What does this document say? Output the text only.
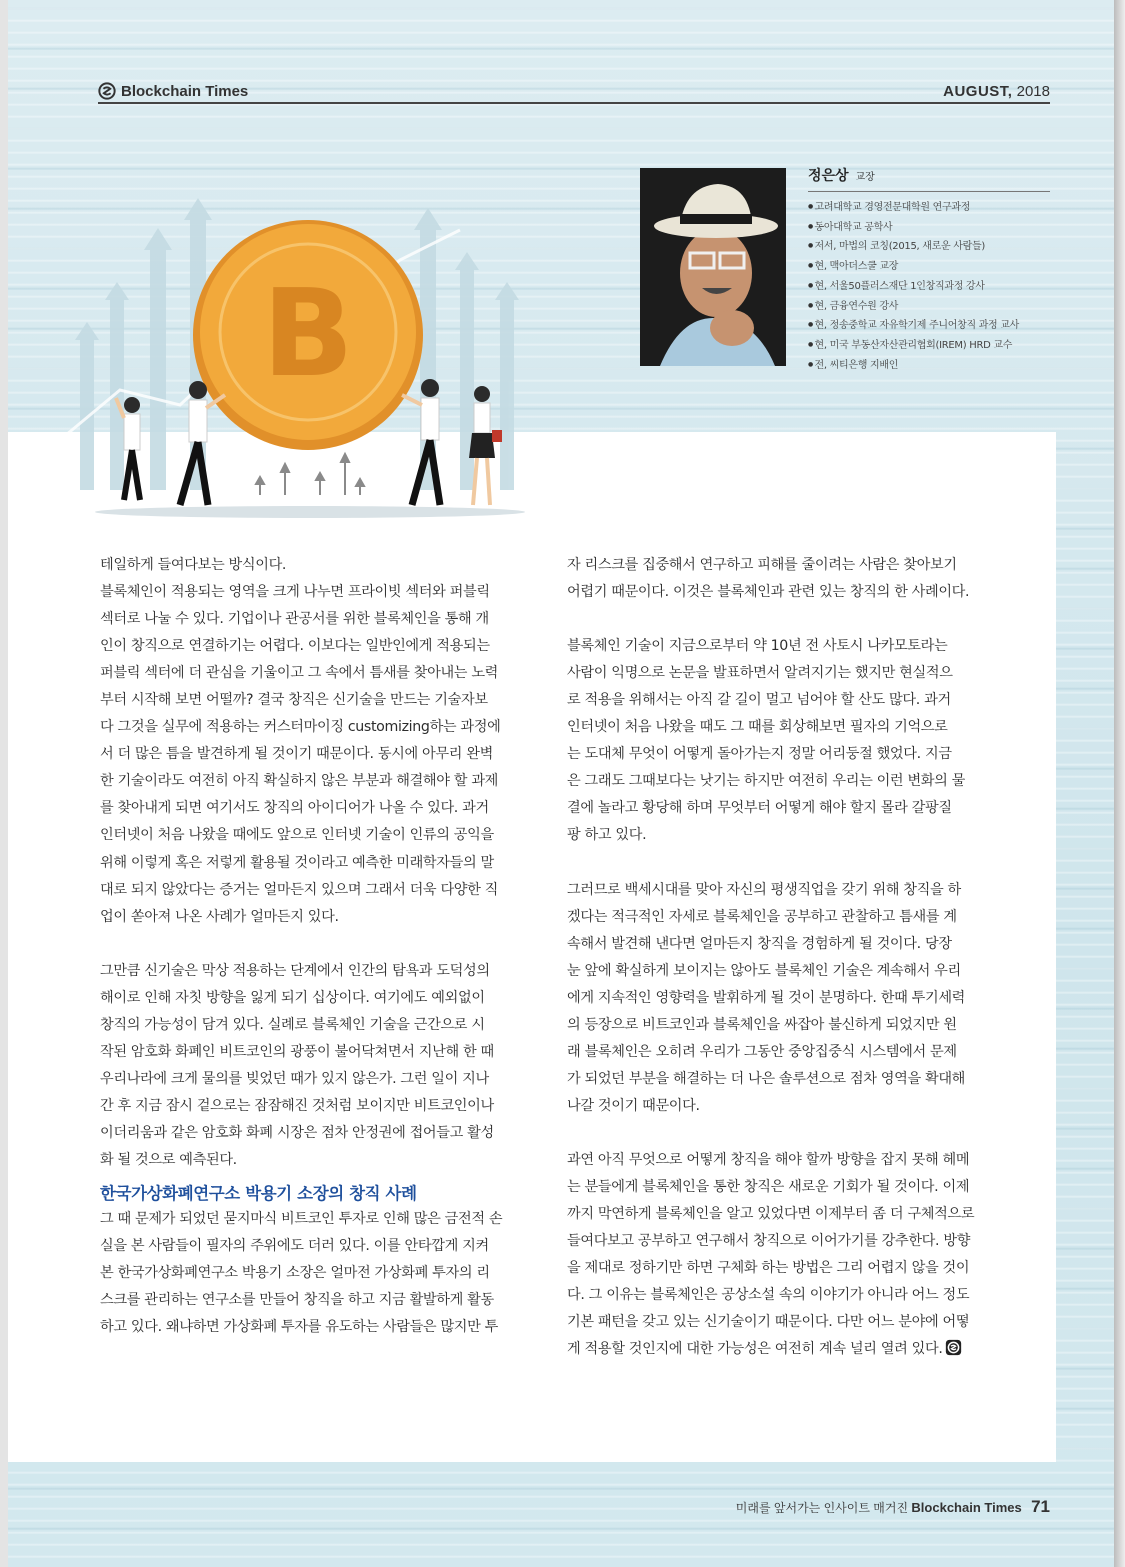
Blockchain Times	AUGUST, 2018
B
정은상 교장
● 고려대학교 경영전문대학원 연구과정
● 동아대학교 공학사
● 저서, 마법의 코칭(2015, 새로운 사람들)
● 현, 맥아더스쿨 교장
● 현, 서울50플러스재단 1인창직과정 강사
● 현, 금융연수원 강사
● 현, 정송중학교 자유학기제 주니어창직 과정 교사
● 현, 미국 부동산자산관리협회(IREM) HRD 교수
● 전, 씨티은행 지배인
테일하게 들여다보는 방식이다.
블록체인이 적용되는 영역을 크게 나누면 프라이빗 섹터와 퍼블릭
섹터로 나눌 수 있다. 기업이나 관공서를 위한 블록체인을 통해 개
인이 창직으로 연결하기는 어렵다. 이보다는 일반인에게 적용되는
퍼블릭 섹터에 더 관심을 기울이고 그 속에서 틈새를 찾아내는 노력
부터 시작해 보면 어떨까? 결국 창직은 신기술을 만드는 기술자보
다 그것을 실무에 적용하는 커스터마이징 customizing하는 과정에
서 더 많은 틈을 발견하게 될 것이기 때문이다. 동시에 아무리 완벽
한 기술이라도 여전히 아직 확실하지 않은 부분과 해결해야 할 과제
를 찾아내게 되면 여기서도 창직의 아이디어가 나올 수 있다. 과거
인터넷이 처음 나왔을 때에도 앞으로 인터넷 기술이 인류의 공익을
위해 이렇게 혹은 저렇게 활용될 것이라고 예측한 미래학자들의 말
대로 되지 않았다는 증거는 얼마든지 있으며 그래서 더욱 다양한 직
업이 쏟아져 나온 사례가 얼마든지 있다.
그만큼 신기술은 막상 적용하는 단계에서 인간의 탐욕과 도덕성의
해이로 인해 자칫 방향을 잃게 되기 십상이다. 여기에도 예외없이
창직의 가능성이 담겨 있다. 실례로 블록체인 기술을 근간으로 시
작된 암호화 화폐인 비트코인의 광풍이 불어닥쳐면서 지난해 한 때
우리나라에 크게 물의를 빚었던 때가 있지 않은가. 그런 일이 지나
간 후 지금 잠시 겉으로는 잠잠해진 것처럼 보이지만 비트코인이나
이더리움과 같은 암호화 화폐 시장은 점차 안정권에 접어들고 활성
화 될 것으로 예측된다.
한국가상화폐연구소 박용기 소장의 창직 사례
그 때 문제가 되었던 묻지마식 비트코인 투자로 인해 많은 금전적 손
실을 본 사람들이 필자의 주위에도 더러 있다. 이를 안타깝게 지켜
본 한국가상화폐연구소 박용기 소장은 얼마전 가상화폐 투자의 리
스크를 관리하는 연구소를 만들어 창직을 하고 지금 활발하게 활동
하고 있다. 왜냐하면 가상화폐 투자를 유도하는 사람들은 많지만 투
자 리스크를 집중해서 연구하고 피해를 줄이려는 사람은 찾아보기
어렵기 때문이다. 이것은 블록체인과 관련 있는 창직의 한 사례이다.
블록체인 기술이 지금으로부터 약 10년 전 사토시 나카모토라는
사람이 익명으로 논문을 발표하면서 알려지기는 했지만 현실적으
로 적용을 위해서는 아직 갈 길이 멀고 넘어야 할 산도 많다. 과거
인터넷이 처음 나왔을 때도 그 때를 회상해보면 필자의 기억으로
는 도대체 무엇이 어떻게 돌아가는지 정말 어리둥절 했었다. 지금
은 그래도 그때보다는 낫기는 하지만 여전히 우리는 이런 변화의 물
결에 놀라고 황당해 하며 무엇부터 어떻게 해야 할지 몰라 갈팡질
팡 하고 있다.
그러므로 백세시대를 맞아 자신의 평생직업을 갖기 위해 창직을 하
겠다는 적극적인 자세로 블록체인을 공부하고 관찰하고 틈새를 계
속해서 발견해 낸다면 얼마든지 창직을 경험하게 될 것이다. 당장
눈 앞에 확실하게 보이지는 않아도 블록체인 기술은 계속해서 우리
에게 지속적인 영향력을 발휘하게 될 것이 분명하다. 한때 투기세력
의 등장으로 비트코인과 블록체인을 싸잡아 불신하게 되었지만 원
래 블록체인은 오히려 우리가 그동안 중앙집중식 시스템에서 문제
가 되었던 부분을 해결하는 더 나은 솔루션으로 점차 영역을 확대해
나갈 것이기 때문이다.
과연 아직 무엇으로 어떻게 창직을 해야 할까 방향을 잡지 못해 헤메
는 분들에게 블록체인을 통한 창직은 새로운 기회가 될 것이다. 이제
까지 막연하게 블록체인을 알고 있었다면 이제부터 좀 더 구체적으로
들여다보고 공부하고 연구해서 창직으로 이어가기를 강추한다. 방향
을 제대로 정하기만 하면 구체화 하는 방법은 그리 어렵지 않을 것이
다. 그 이유는 블록체인은 공상소설 속의 이야기가 아니라 어느 정도
기본 패턴을 갖고 있는 신기술이기 때문이다. 다만 어느 분야에 어떻
게 적용할 것인지에 대한 가능성은 여전히 계속 널리 열려 있다.
미래를 앞서가는 인사이트 매거진 Blockchain Times 71
